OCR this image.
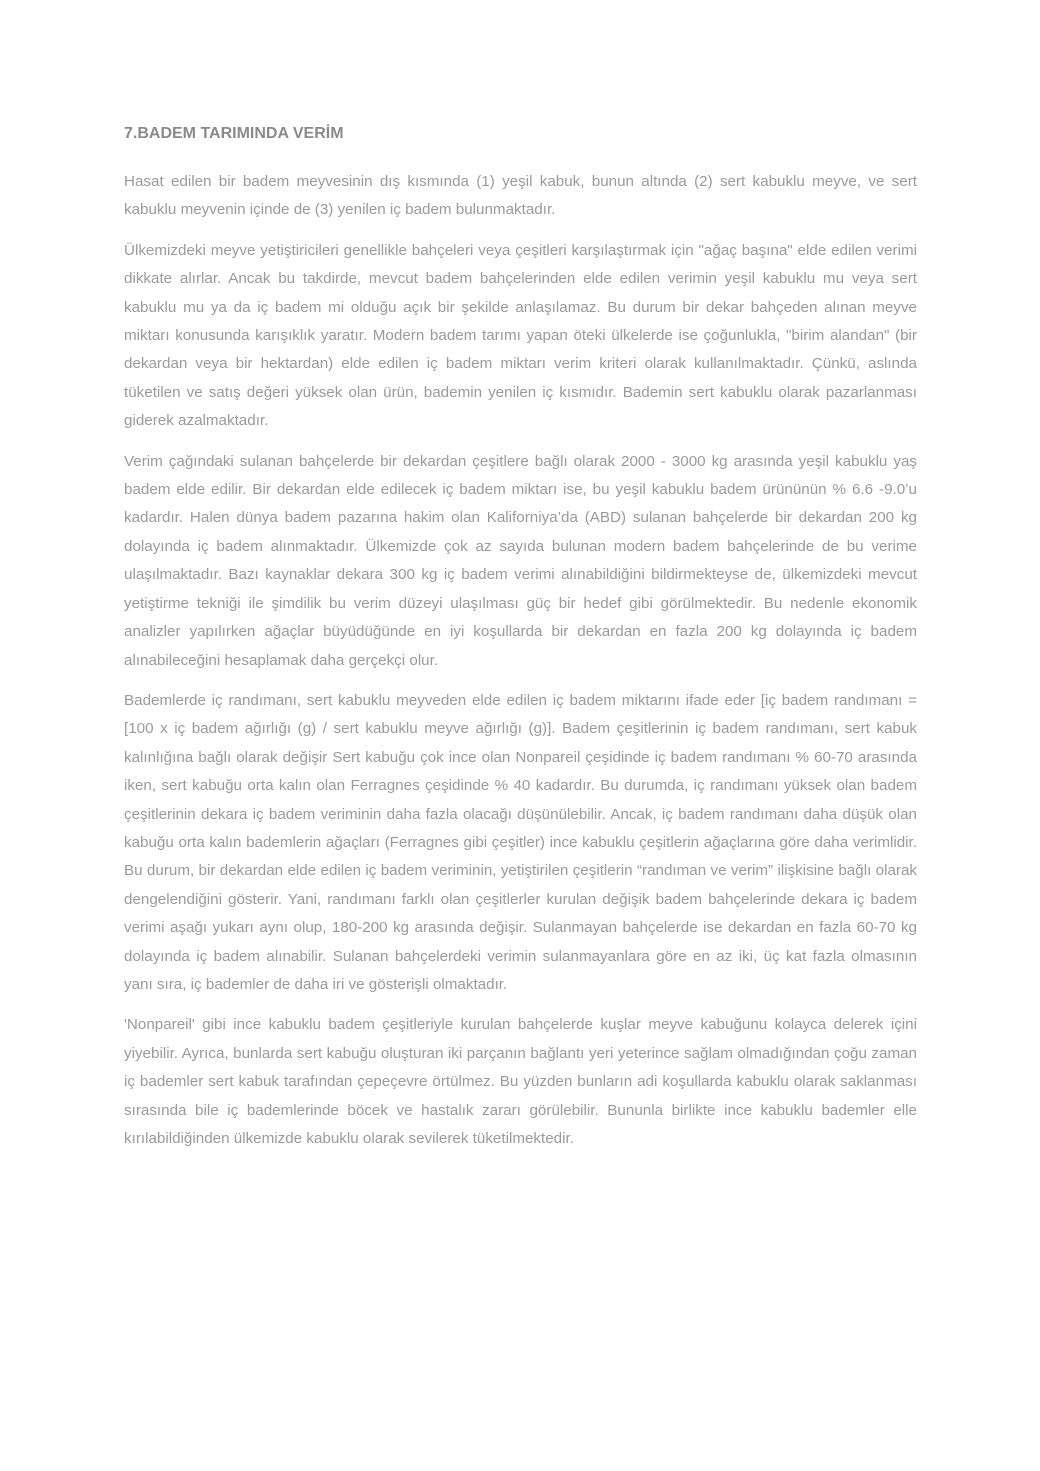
7.BADEM TARIMINDA VERİM

Hasat edilen bir badem meyvesinin dış kısmında (1) yeşil kabuk, bunun altında (2) sert kabuklu meyve, ve sert kabuklu meyvenin içinde de (3) yenilen iç badem bulunmaktadır.

Ülkemizdeki meyve yetiştiricileri genellikle bahçeleri veya çeşitleri karşılaştırmak için "ağaç başına" elde edilen verimi dikkate alırlar. Ancak bu takdirde, mevcut badem bahçelerinden elde edilen verimin yeşil kabuklu mu veya sert kabuklu mu ya da iç badem mi olduğu açık bir şekilde anlaşılamaz. Bu durum bir dekar bahçeden alınan meyve miktarı konusunda karışıklık yaratır. Modern badem tarımı yapan öteki ülkelerde ise çoğunlukla, "birim alandan" (bir dekardan veya bir hektardan) elde edilen iç badem miktarı verim kriteri olarak kullanılmaktadır. Çünkü, aslında tüketilen ve satış değeri yüksek olan ürün, bademin yenilen iç kısmıdır. Bademin sert kabuklu olarak pazarlanması giderek azalmaktadır.

Verim çağındaki sulanan bahçelerde bir dekardan çeşitlere bağlı olarak 2000 - 3000 kg arasında yeşil kabuklu yaş badem elde edilir. Bir dekardan elde edilecek iç badem miktarı ise, bu yeşil kabuklu badem ürününün % 6.6 -9.0’u kadardır. Halen dünya badem pazarına hakim olan Kaliforniya’da (ABD) sulanan bahçelerde bir dekardan 200 kg dolayında iç badem alınmaktadır. Ülkemizde çok az sayıda bulunan modern badem bahçelerinde de bu verime ulaşılmaktadır. Bazı kaynaklar dekara 300 kg iç badem verimi alınabildiğini bildirmekteyse de, ülkemizdeki mevcut yetiştirme tekniği ile şimdilik bu verim düzeyi ulaşılması güç bir hedef gibi görülmektedir. Bu nedenle ekonomik analizler yapılırken ağaçlar büyüdüğünde en iyi koşullarda bir dekardan en fazla 200 kg dolayında iç badem alınabileceğini hesaplamak daha gerçekçi olur.

Bademlerde iç randımanı, sert kabuklu meyveden elde edilen iç badem miktarını ifade eder [iç badem randımanı = [100 x iç badem ağırlığı (g) / sert kabuklu meyve ağırlığı (g)]. Badem çeşitlerinin iç badem randımanı, sert kabuk kalınlığına bağlı olarak değişir Sert kabuğu çok ince olan Nonpareil çeşidinde iç badem randımanı % 60-70 arasında iken, sert kabuğu orta kalın olan Ferragnes çeşidinde % 40 kadardır. Bu durumda, iç randımanı yüksek olan badem çeşitlerinin dekara iç badem veriminin daha fazla olacağı düşünülebilir. Ancak, iç badem randımanı daha düşük olan kabuğu orta kalın bademlerin ağaçları (Ferragnes gibi çeşitler) ince kabuklu çeşitlerin ağaçlarına göre daha verimlidir. Bu durum, bir dekardan elde edilen iç badem veriminin, yetiştirilen çeşitlerin “randıman ve verim” ilişkisine bağlı olarak dengelendiğini gösterir. Yani, randımanı farklı olan çeşitlerler kurulan değişik badem bahçelerinde dekara iç badem verimi aşağı yukarı aynı olup, 180-200 kg arasında değişir. Sulanmayan bahçelerde ise dekardan en fazla 60-70 kg dolayında iç badem alınabilir. Sulanan bahçelerdeki verimin sulanmayanlara göre en az iki, üç kat fazla olmasının yanı sıra, iç bademler de daha iri ve gösterişli olmaktadır.

'Nonpareil' gibi ince kabuklu badem çeşitleriyle kurulan bahçelerde kuşlar meyve kabuğunu kolayca delerek içini yiyebilir. Ayrıca, bunlarda sert kabuğu oluşturan iki parçanın bağlantı yeri yeterince sağlam olmadığından çoğu zaman iç bademler sert kabuk tarafından çepeçevre örtülmez. Bu yüzden bunların adi koşullarda kabuklu olarak saklanması sırasında bile iç bademlerinde böcek ve hastalık zararı görülebilir. Bununla birlikte ince kabuklu bademler elle kırılabildiğinden ülkemizde kabuklu olarak sevilerek tüketilmektedir.
